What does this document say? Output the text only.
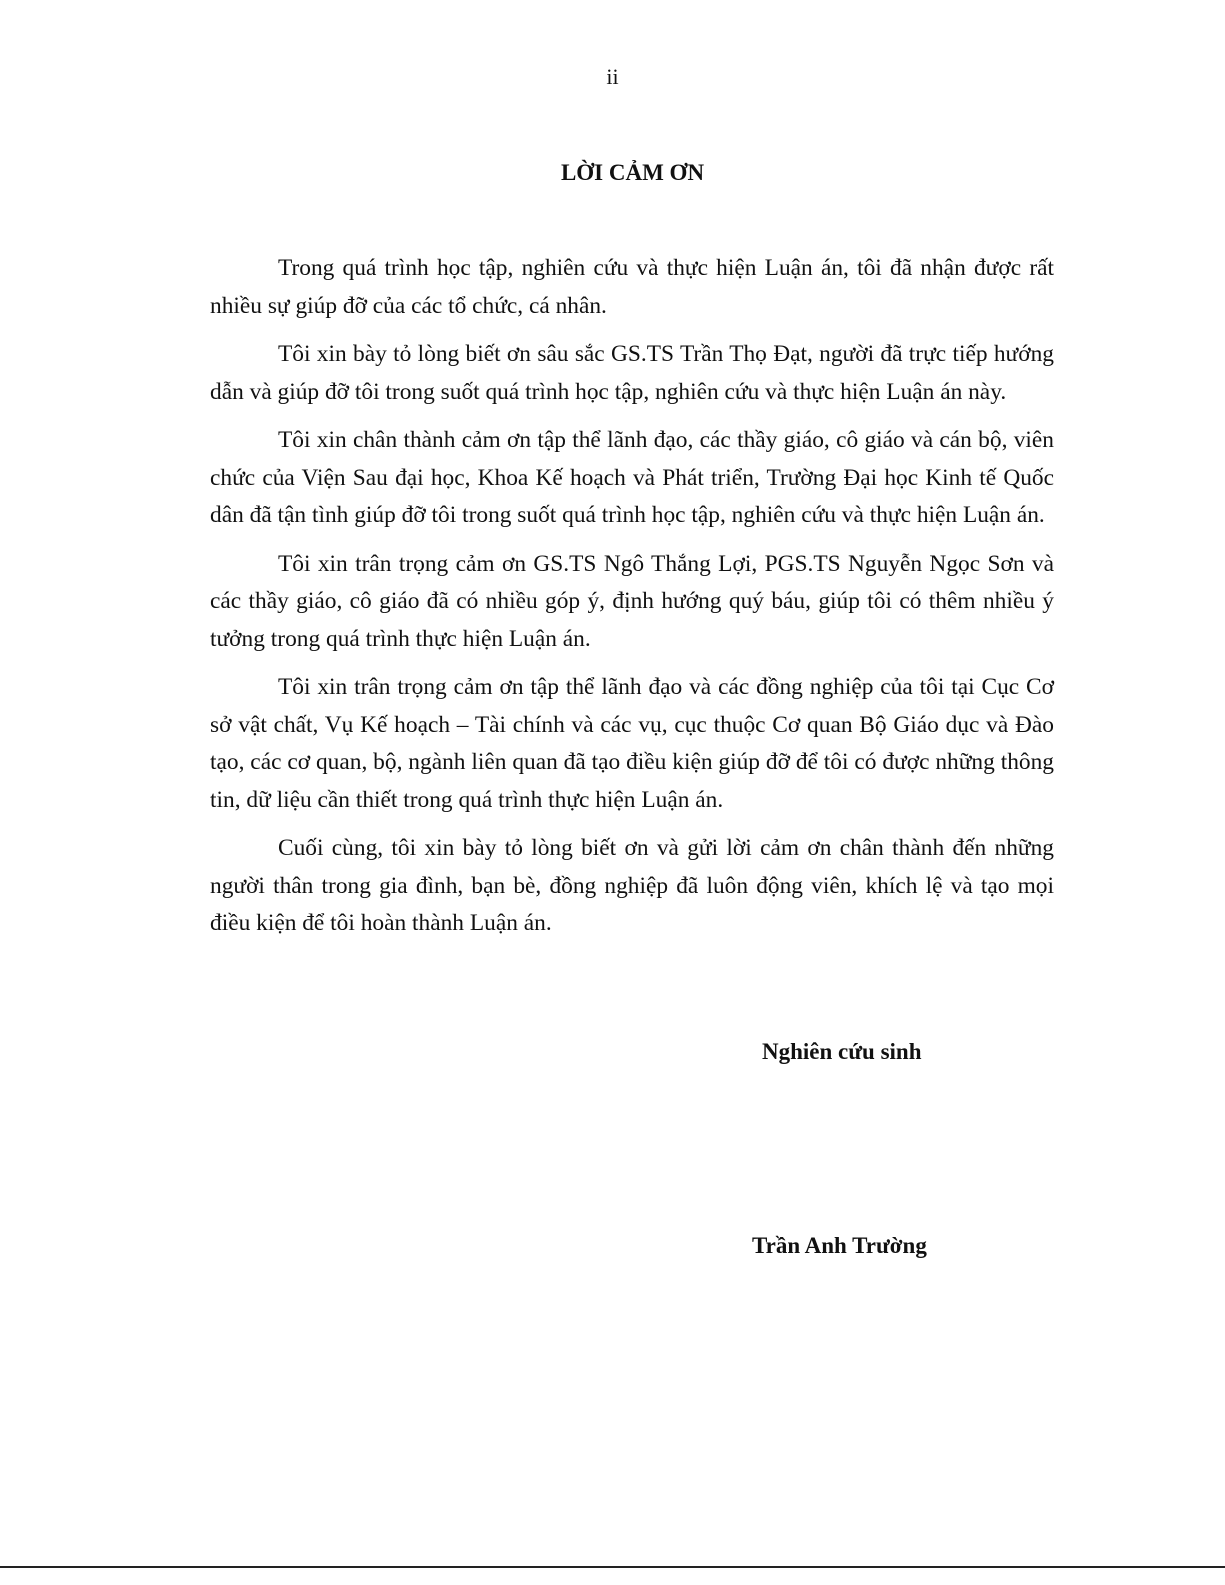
ii
LỜI CẢM ƠN

Trong quá trình học tập, nghiên cứu và thực hiện Luận án, tôi đã nhận được rất nhiều sự giúp đỡ của các tổ chức, cá nhân.

Tôi xin bày tỏ lòng biết ơn sâu sắc GS.TS Trần Thọ Đạt, người đã trực tiếp hướng dẫn và giúp đỡ tôi trong suốt quá trình học tập, nghiên cứu và thực hiện Luận án này.

Tôi xin chân thành cảm ơn tập thể lãnh đạo, các thầy giáo, cô giáo và cán bộ, viên chức của Viện Sau đại học, Khoa Kế hoạch và Phát triển, Trường Đại học Kinh tế Quốc dân đã tận tình giúp đỡ tôi trong suốt quá trình học tập, nghiên cứu và thực hiện Luận án.

Tôi xin trân trọng cảm ơn GS.TS Ngô Thắng Lợi, PGS.TS Nguyễn Ngọc Sơn và các thầy giáo, cô giáo đã có nhiều góp ý, định hướng quý báu, giúp tôi có thêm nhiều ý tưởng trong quá trình thực hiện Luận án.

Tôi xin trân trọng cảm ơn tập thể lãnh đạo và các đồng nghiệp của tôi tại Cục Cơ sở vật chất, Vụ Kế hoạch – Tài chính và các vụ, cục thuộc Cơ quan Bộ Giáo dục và Đào tạo, các cơ quan, bộ, ngành liên quan đã tạo điều kiện giúp đỡ để tôi có được những thông tin, dữ liệu cần thiết trong quá trình thực hiện Luận án.

Cuối cùng, tôi xin bày tỏ lòng biết ơn và gửi lời cảm ơn chân thành đến những người thân trong gia đình, bạn bè, đồng nghiệp đã luôn động viên, khích lệ và tạo mọi điều kiện để tôi hoàn thành Luận án.

Nghiên cứu sinh
Trần Anh Trường
